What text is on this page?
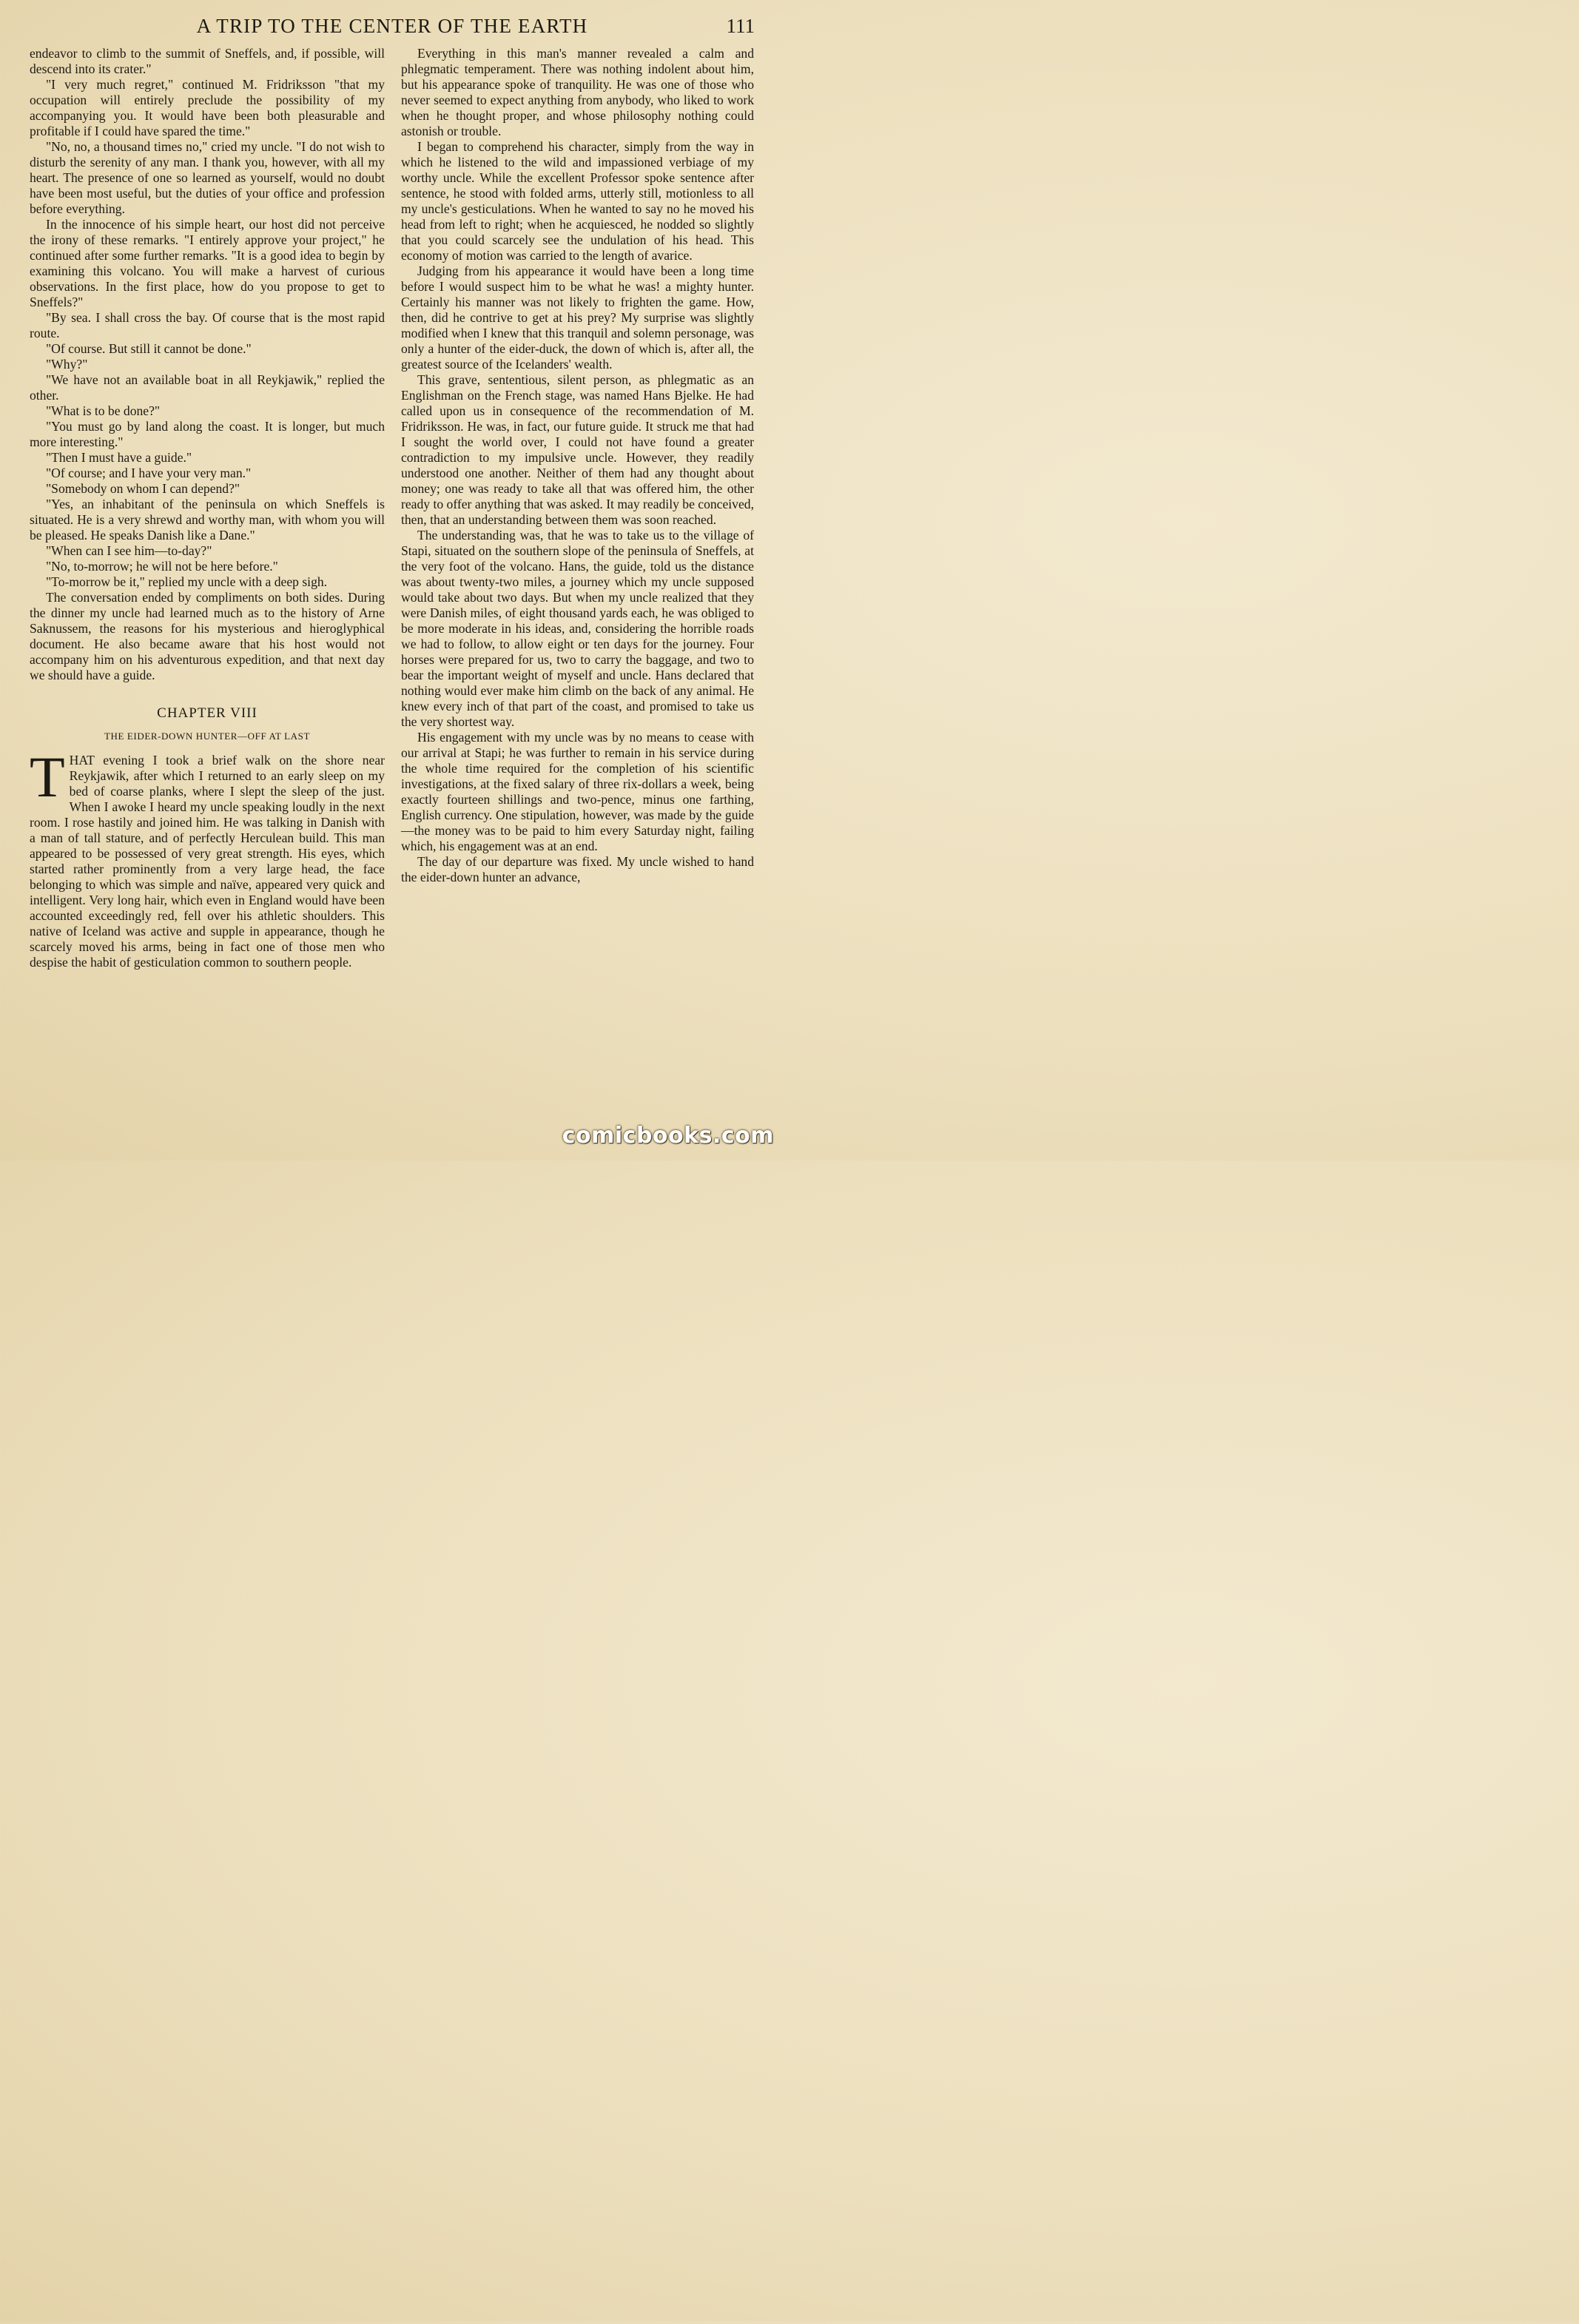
A TRIP TO THE CENTER OF THE EARTH	111

endeavor to climb to the summit of Sneffels, and, if possible, will descend into its crater."

"I very much regret," continued M. Fridriksson "that my occupation will entirely preclude the possibility of my accompanying you. It would have been both pleasurable and profitable if I could have spared the time."

"No, no, a thousand times no," cried my uncle. "I do not wish to disturb the serenity of any man. I thank you, however, with all my heart. The presence of one so learned as yourself, would no doubt have been most useful, but the duties of your office and profession before everything.

In the innocence of his simple heart, our host did not perceive the irony of these remarks. "I entirely approve your project," he continued after some further remarks. "It is a good idea to begin by examining this volcano. You will make a harvest of curious observations. In the first place, how do you propose to get to Sneffels?"

"By sea. I shall cross the bay. Of course that is the most rapid route.

"Of course. But still it cannot be done."

"Why?"

"We have not an available boat in all Reykjawik," replied the other.

"What is to be done?"

"You must go by land along the coast. It is longer, but much more interesting."

"Then I must have a guide."

"Of course; and I have your very man."

"Somebody on whom I can depend?"

"Yes, an inhabitant of the peninsula on which Sneffels is situated. He is a very shrewd and worthy man, with whom you will be pleased. He speaks Danish like a Dane."

"When can I see him—to-day?"

"No, to-morrow; he will not be here before."

"To-morrow be it," replied my uncle with a deep sigh.

The conversation ended by compliments on both sides. During the dinner my uncle had learned much as to the history of Arne Saknussem, the reasons for his mysterious and hieroglyphical document. He also became aware that his host would not accompany him on his adventurous expedition, and that next day we should have a guide.

CHAPTER VIII
THE EIDER-DOWN HUNTER—OFF AT LAST

THAT evening I took a brief walk on the shore near Reykjawik, after which I returned to an early sleep on my bed of coarse planks, where I slept the sleep of the just. When I awoke I heard my uncle speaking loudly in the next room. I rose hastily and joined him. He was talking in Danish with a man of tall stature, and of perfectly Herculean build. This man appeared to be possessed of very great strength. His eyes, which started rather prominently from a very large head, the face belonging to which was simple and naïve, appeared very quick and intelligent. Very long hair, which even in England would have been accounted exceedingly red, fell over his athletic shoulders. This native of Iceland was active and supple in appearance, though he scarcely moved his arms, being in fact one of those men who despise the habit of gesticulation common to southern people.

Everything in this man's manner revealed a calm and phlegmatic temperament. There was nothing indolent about him, but his appearance spoke of tranquility. He was one of those who never seemed to expect anything from anybody, who liked to work when he thought proper, and whose philosophy nothing could astonish or trouble.

I began to comprehend his character, simply from the way in which he listened to the wild and impassioned verbiage of my worthy uncle. While the excellent Professor spoke sentence after sentence, he stood with folded arms, utterly still, motionless to all my uncle's gesticulations. When he wanted to say no he moved his head from left to right; when he acquiesced, he nodded so slightly that you could scarcely see the undulation of his head. This economy of motion was carried to the length of avarice.

Judging from his appearance it would have been a long time before I would suspect him to be what he was! a mighty hunter. Certainly his manner was not likely to frighten the game. How, then, did he contrive to get at his prey? My surprise was slightly modified when I knew that this tranquil and solemn personage, was only a hunter of the eider-duck, the down of which is, after all, the greatest source of the Icelanders' wealth.

This grave, sententious, silent person, as phlegmatic as an Englishman on the French stage, was named Hans Bjelke. He had called upon us in consequence of the recommendation of M. Fridriksson. He was, in fact, our future guide. It struck me that had I sought the world over, I could not have found a greater contradiction to my impulsive uncle. However, they readily understood one another. Neither of them had any thought about money; one was ready to take all that was offered him, the other ready to offer anything that was asked. It may readily be conceived, then, that an understanding between them was soon reached.

The understanding was, that he was to take us to the village of Stapi, situated on the southern slope of the peninsula of Sneffels, at the very foot of the volcano. Hans, the guide, told us the distance was about twenty-two miles, a journey which my uncle supposed would take about two days. But when my uncle realized that they were Danish miles, of eight thousand yards each, he was obliged to be more moderate in his ideas, and, considering the horrible roads we had to follow, to allow eight or ten days for the journey. Four horses were prepared for us, two to carry the baggage, and two to bear the important weight of myself and uncle. Hans declared that nothing would ever make him climb on the back of any animal. He knew every inch of that part of the coast, and promised to take us the very shortest way.

His engagement with my uncle was by no means to cease with our arrival at Stapi; he was further to remain in his service during the whole time required for the completion of his scientific investigations, at the fixed salary of three rix-dollars a week, being exactly fourteen shillings and two-pence, minus one farthing, English currency. One stipulation, however, was made by the guide—the money was to be paid to him every Saturday night, failing which, his engagement was at an end.

The day of our departure was fixed. My uncle wished to hand the eider-down hunter an advance,

comicbooks.com
